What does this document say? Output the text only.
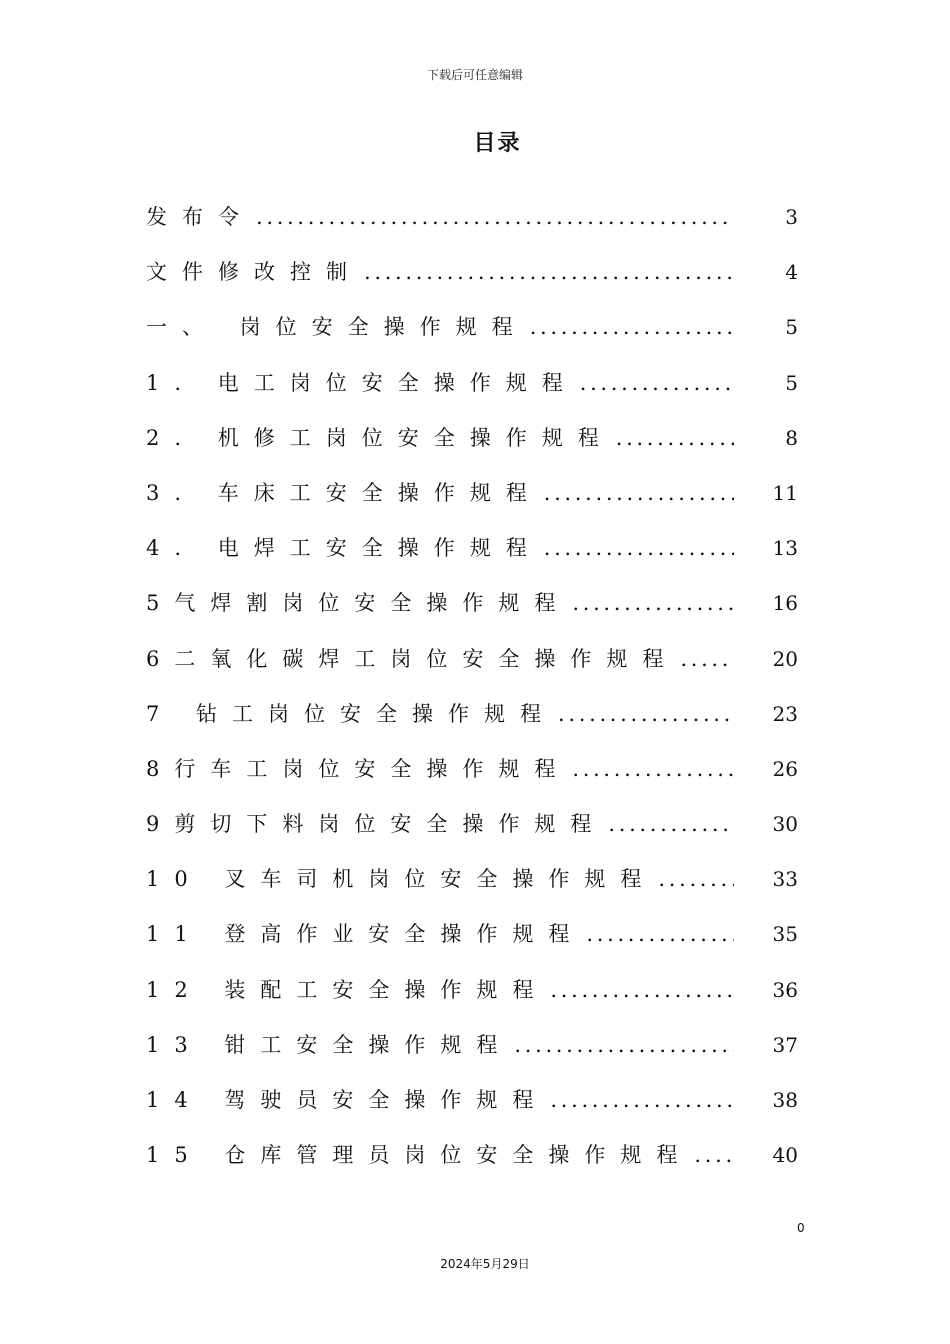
下载后可任意编辑
目录
发布令 . . .	3
文件修改控制 . . .	4
一、 岗位安全操作规程 . . .	5
1. 电工岗位安全操作规程 . . .	5
2. 机修工岗位安全操作规程 . . .	8
3. 车床工安全操作规程 . . .	11
4. 电焊工安全操作规程 . . .	13
5气焊割岗位安全操作规程 . . .	16
6二氧化碳焊工岗位安全操作规程 . . .	20
7 钻工岗位安全操作规程 . . .	23
8行车工岗位安全操作规程 . . .	26
9剪切下料岗位安全操作规程 . . .	30
10 叉车司机岗位安全操作规程 . . .	33
11 登高作业安全操作规程 . . .	35
12 装配工安全操作规程 . . .	36
13 钳工安全操作规程 . . .	37
14 驾驶员安全操作规程 . . .	38
15 仓库管理员岗位安全操作规程 . . .	40
0
2024年5月29日
